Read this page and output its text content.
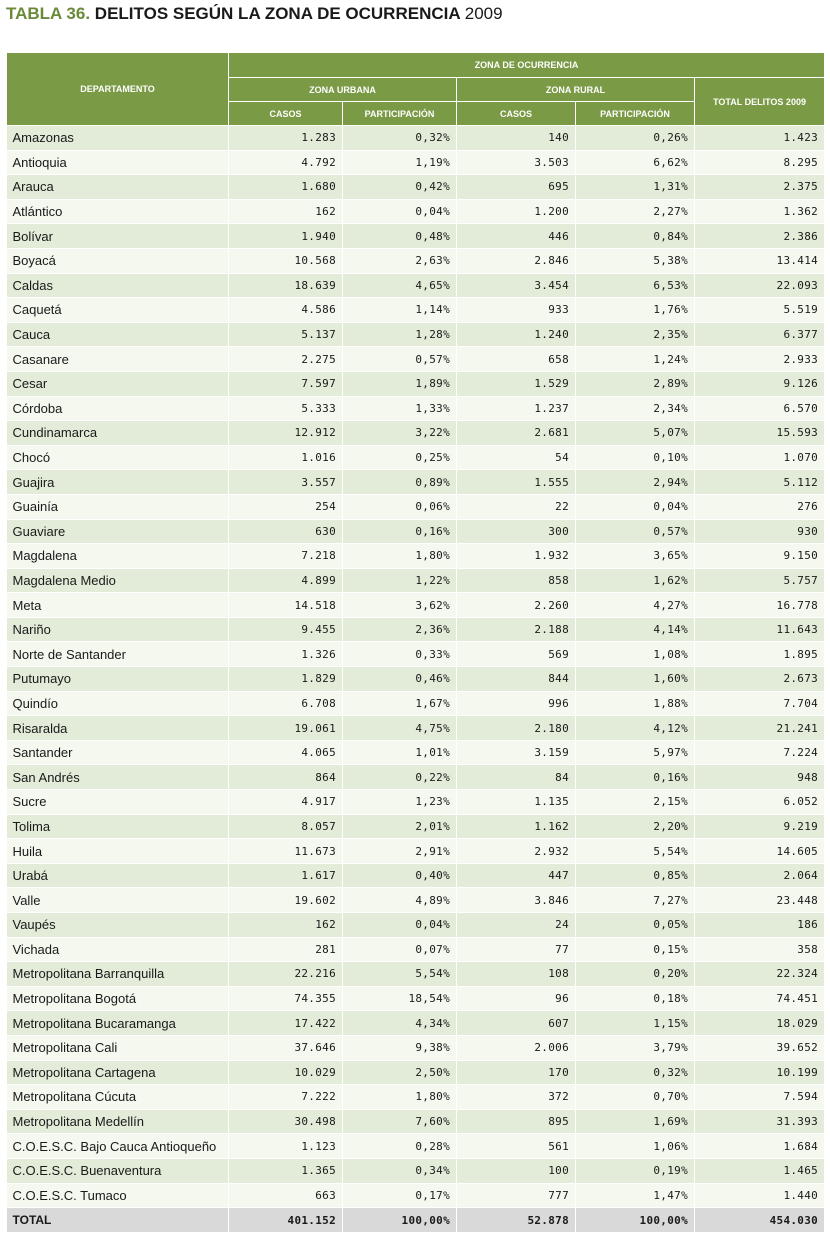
TABLA 36. DELITOS SEGÚN LA ZONA DE OCURRENCIA 2009
DEPARTAMENTO	ZONA DE OCURRENCIA				
	ZONA URBANA		ZONA RURAL		TOTAL DELITOS 2009
	CASOS	PARTICIPACIÓN	CASOS	PARTICIPACIÓN	
Amazonas	1.283	0,32%	140	0,26%	1.423
Antioquia	4.792	1,19%	3.503	6,62%	8.295
Arauca	1.680	0,42%	695	1,31%	2.375
Atlántico	162	0,04%	1.200	2,27%	1.362
Bolívar	1.940	0,48%	446	0,84%	2.386
Boyacá	10.568	2,63%	2.846	5,38%	13.414
Caldas	18.639	4,65%	3.454	6,53%	22.093
Caquetá	4.586	1,14%	933	1,76%	5.519
Cauca	5.137	1,28%	1.240	2,35%	6.377
Casanare	2.275	0,57%	658	1,24%	2.933
Cesar	7.597	1,89%	1.529	2,89%	9.126
Córdoba	5.333	1,33%	1.237	2,34%	6.570
Cundinamarca	12.912	3,22%	2.681	5,07%	15.593
Chocó	1.016	0,25%	54	0,10%	1.070
Guajira	3.557	0,89%	1.555	2,94%	5.112
Guainía	254	0,06%	22	0,04%	276
Guaviare	630	0,16%	300	0,57%	930
Magdalena	7.218	1,80%	1.932	3,65%	9.150
Magdalena Medio	4.899	1,22%	858	1,62%	5.757
Meta	14.518	3,62%	2.260	4,27%	16.778
Nariño	9.455	2,36%	2.188	4,14%	11.643
Norte de Santander	1.326	0,33%	569	1,08%	1.895
Putumayo	1.829	0,46%	844	1,60%	2.673
Quindío	6.708	1,67%	996	1,88%	7.704
Risaralda	19.061	4,75%	2.180	4,12%	21.241
Santander	4.065	1,01%	3.159	5,97%	7.224
San Andrés	864	0,22%	84	0,16%	948
Sucre	4.917	1,23%	1.135	2,15%	6.052
Tolima	8.057	2,01%	1.162	2,20%	9.219
Huila	11.673	2,91%	2.932	5,54%	14.605
Urabá	1.617	0,40%	447	0,85%	2.064
Valle	19.602	4,89%	3.846	7,27%	23.448
Vaupés	162	0,04%	24	0,05%	186
Vichada	281	0,07%	77	0,15%	358
Metropolitana Barranquilla	22.216	5,54%	108	0,20%	22.324
Metropolitana Bogotá	74.355	18,54%	96	0,18%	74.451
Metropolitana Bucaramanga	17.422	4,34%	607	1,15%	18.029
Metropolitana Cali	37.646	9,38%	2.006	3,79%	39.652
Metropolitana Cartagena	10.029	2,50%	170	0,32%	10.199
Metropolitana Cúcuta	7.222	1,80%	372	0,70%	7.594
Metropolitana Medellín	30.498	7,60%	895	1,69%	31.393
C.O.E.S.C. Bajo Cauca Antioqueño	1.123	0,28%	561	1,06%	1.684
C.O.E.S.C. Buenaventura	1.365	0,34%	100	0,19%	1.465
C.O.E.S.C. Tumaco	663	0,17%	777	1,47%	1.440
TOTAL	401.152	100,00%	52.878	100,00%	454.030
